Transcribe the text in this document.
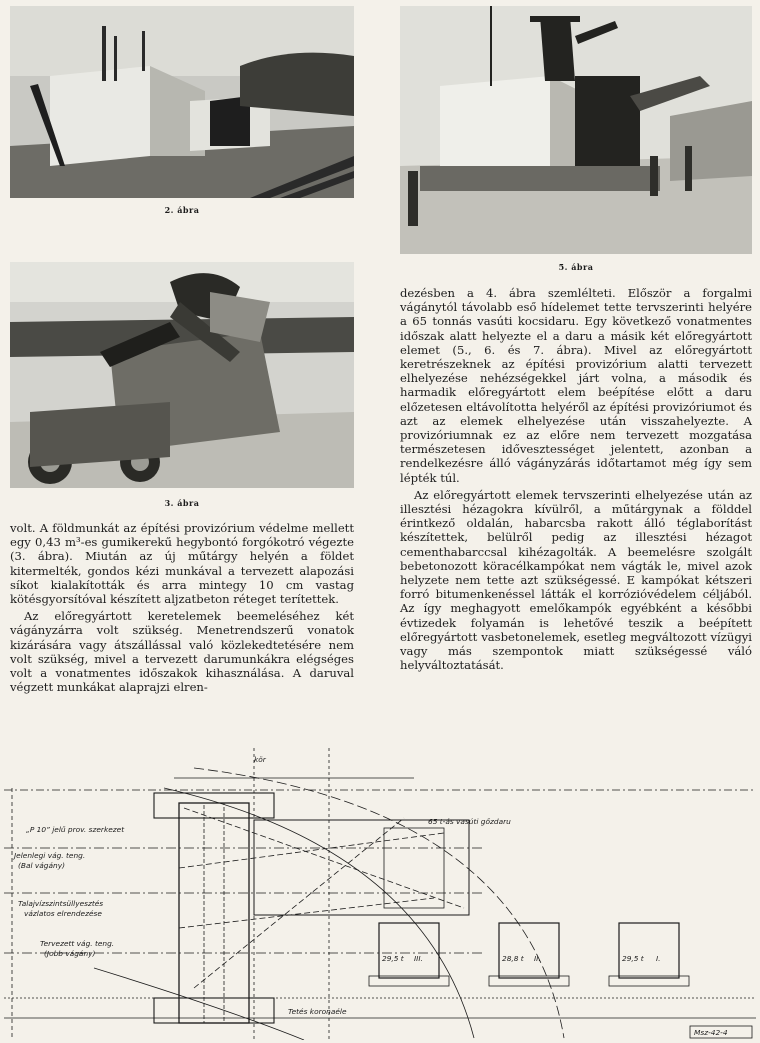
2. ábra
3. ábra
5. ábra

volt. A földmunkát az építési provizórium védelme mellett egy 0,43 m³-es gumikerekű hegybontó forgókotró végezte (3. ábra). Miután az új műtárgy helyén a földet kitermelték, gondos kézi munkával a tervezett alapozási síkot kialakították és arra mintegy 10 cm vastag kötésgyorsítóval készített aljzatbeton réteget terítettek.

Az előregyártott keretelemek beemeléséhez két vágányzárra volt szükség. Menetrendszerű vonatok kizárására vagy átszállással való közlekedtetésére nem volt szükség, mivel a tervezett darumunkákra elégséges volt a vonatmentes időszakok kihasználása. A daruval végzett munkákat alaprajzi elren-

dezésben a 4. ábra szemlélteti. Először a forgalmi vágánytól távolabb eső hídelemet tette tervszerinti helyére a 65 tonnás vasúti kocsidaru. Egy következő vonatmentes időszak alatt helyezte el a daru a másik két előregyártott elemet (5., 6. és 7. ábra). Mivel az előregyártott keretrészeknek az építési provizórium alatti tervezett elhelyezése nehézségekkel járt volna, a második és harmadik előregyártott elem beépítése előtt a daru előzetesen eltávolította helyéről az építési provizóriumot és azt az elemek elhelyezése után visszahelyezte. A provizóriumnak ez az előre nem tervezett mozgatása természetesen idővesztességet jelentett, azonban a rendelkezésre álló vágányzárás időtartamot még így sem lépték túl.

Az előregyártott elemek tervszerinti elhelyezése után az illesztési hézagokra kívülről, a műtárgynak a földdel érintkező oldalán, habarcsba rakott álló téglaborítást készítettek, belülről pedig az illesztési hézagot cementhabarccsal kihézagolták. A beemelésre szolgált bebetonozott köracélkampókat nem vágták le, mivel azok helyzete nem tette azt szükségessé. E kampókat kétszeri forró bitumenkenéssel látták el korrózióvédelem céljából. Az így meghagyott emelőkampók egyébként a későbbi évtizedek folyamán is lehetővé teszik a beépített előregyártott vasbetonelemek, esetleg megváltozott vízügyi vagy más szempontok miatt szükségessé váló helyváltoztatását.

„P 10” jelű prov. szerkezet
Jelenlegi vág. teng.
(Bal vágány)
Talajvízszintsüllyesztés
vázlatos elrendezése
Tervezett vág. teng.
(Jobb vágány)
65 t-ás vasúti gőzdaru
kör
Tetés koronaéle
29,5 t	28,8 t	29,5 t
III.	II.	I.
Msz-42-4
